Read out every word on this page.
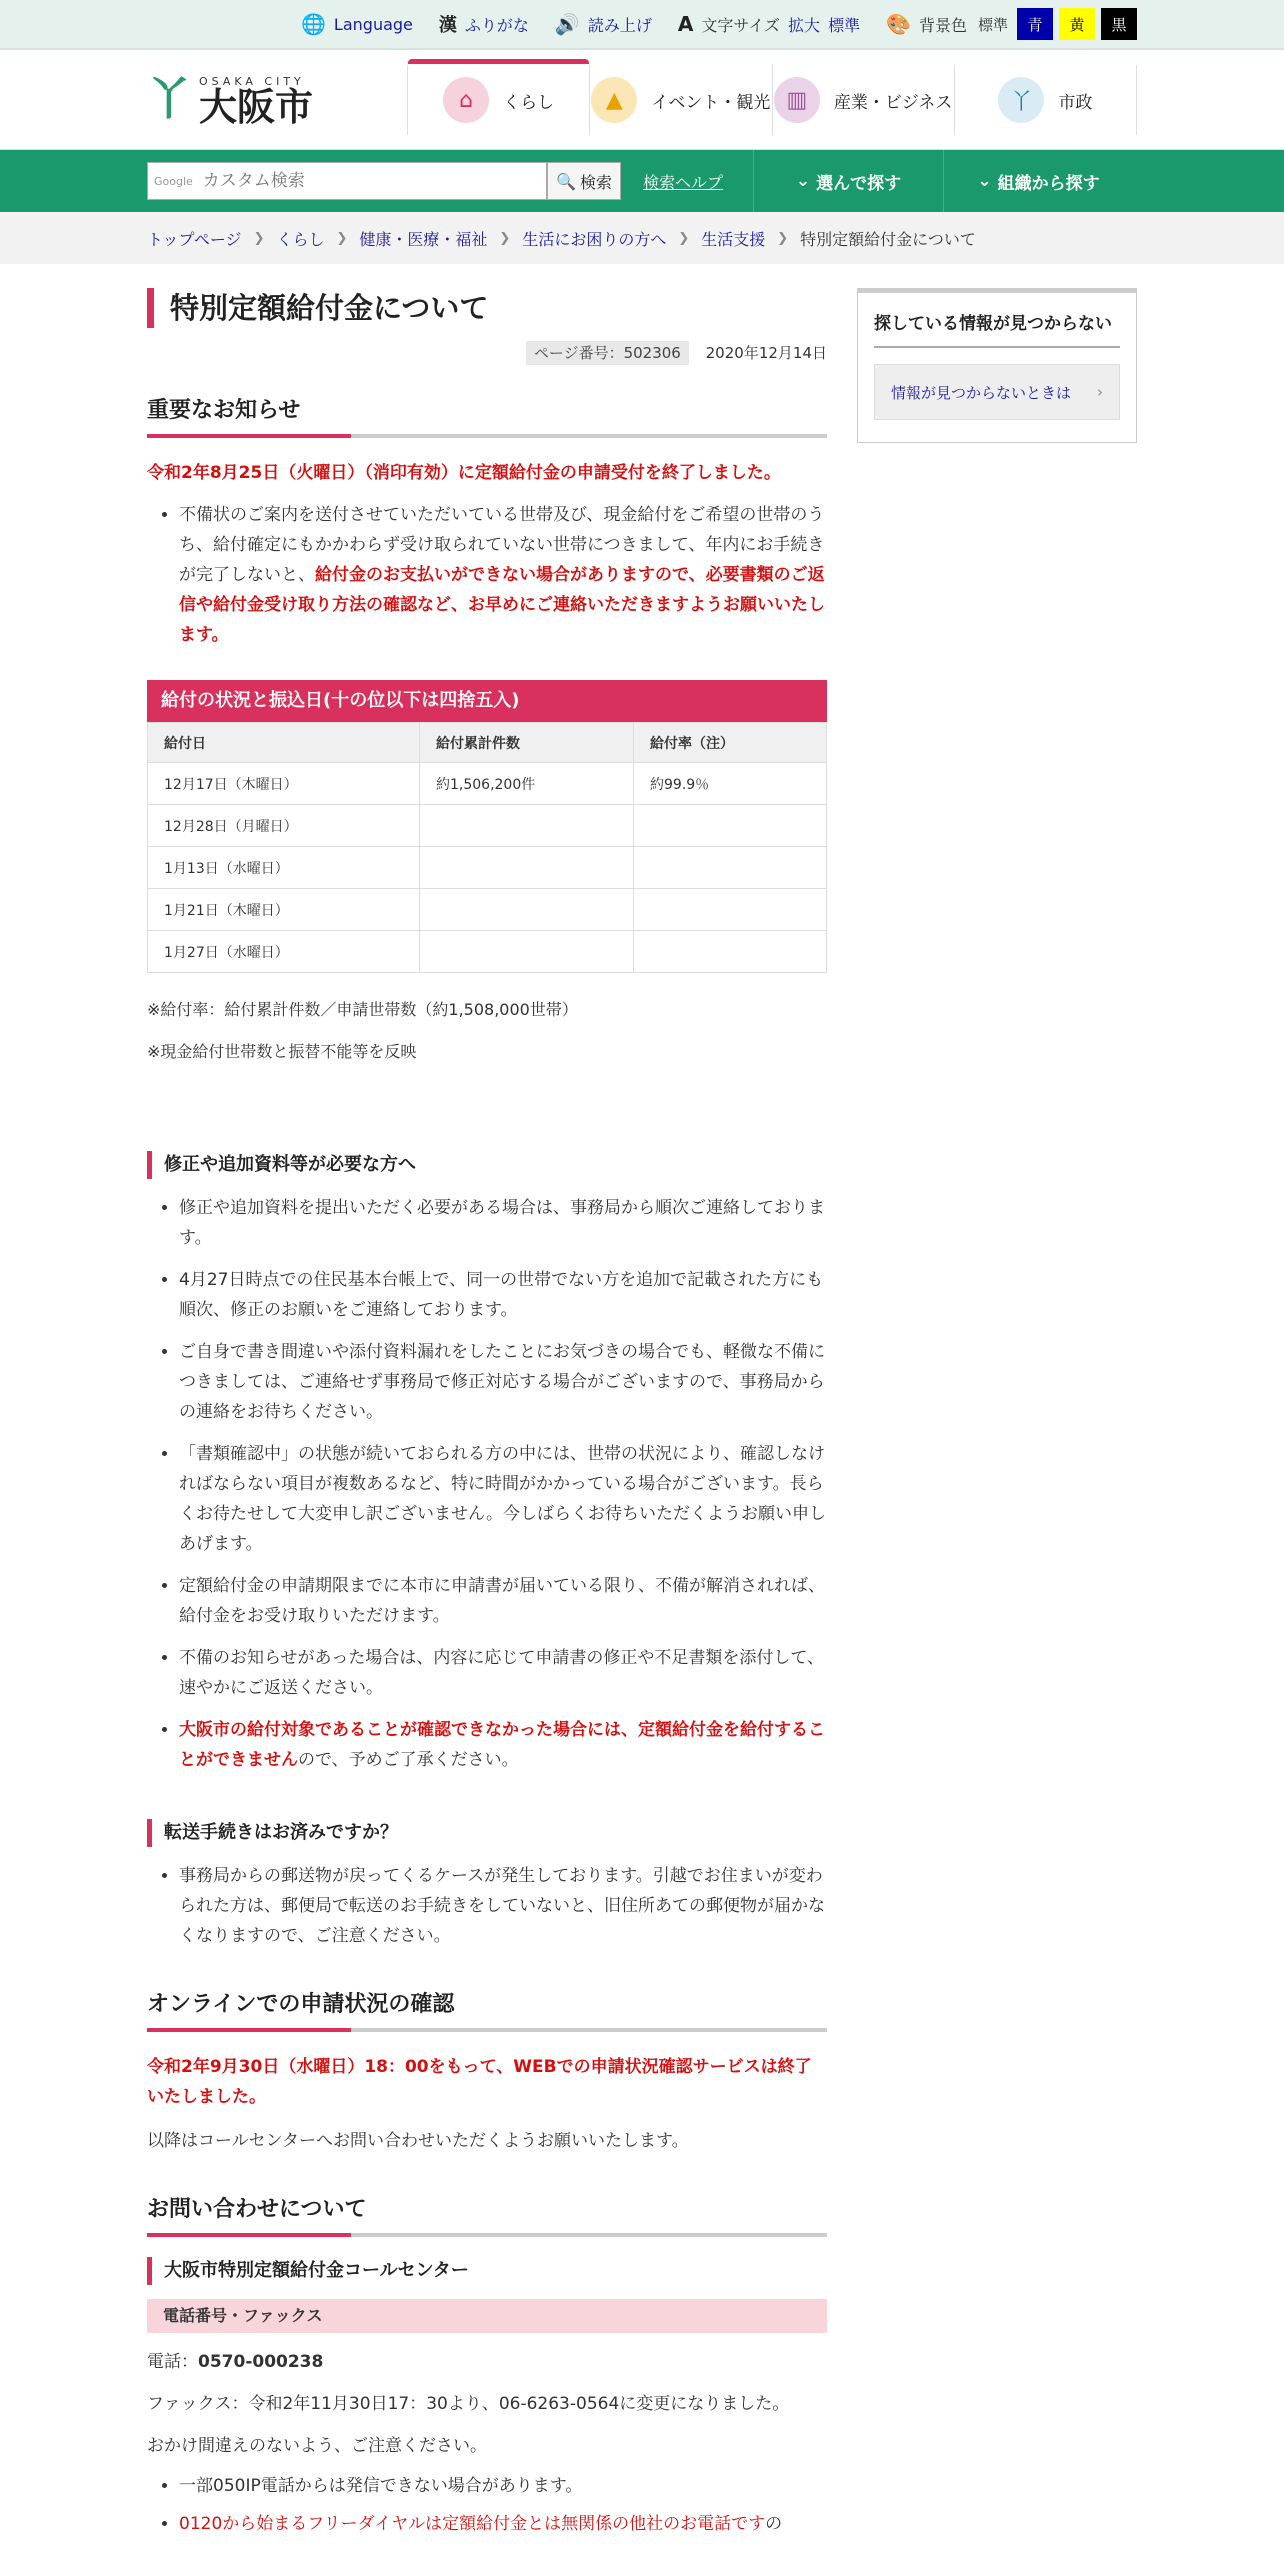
🌐 Language 漢 ふりがな 🔊 読み上げ A 文字サイズ 拡大 標準 🎨 背景色 標準	青	黄	黒
丫 OSAKA CITY
大阪市	⌂	くらし	▲	イベント・観光 ▥	産業・ビジネス	丫	市政
Google
カスタム検索	🔍 検索 検索ヘルプ	⌄ 選んで探す	⌄ 組織から探す
トップページ ❯ くらし ❯ 健康・医療・福祉 ❯ 生活にお困りの方へ ❯ 生活支援 ❯ 特別定額給付金について
特別定額給付金について
ページ番号：502306 2020年12月14日
重要なお知らせ

令和2年8月25日（火曜日）（消印有効）に定額給付金の申請受付を終了しました。

• 不備状のご案内を送付させていただいている世帯及び、現金給付をご希望の世帯のうち、給付確定にもかかわらず受け取られていない世帯につきまして、年内にお手続きが完了しないと、給付金のお支払いができない場合がありますので、必要書類のご返信や給付金受け取り方法の確認など、お早めにご連絡いただきますようお願いいたします。
給付の状況と振込日(十の位以下は四捨五入)
給付日	給付累計件数	給付率（注）
12月17日（木曜日）	約1,506,200件	約99.9％
12月28日（月曜日）		
1月13日（水曜日）		
1月21日（木曜日）		
1月27日（水曜日）		

※給付率：給付累計件数／申請世帯数（約1,508,000世帯）

※現金給付世帯数と振替不能等を反映

修正や追加資料等が必要な方へ
• 修正や追加資料を提出いただく必要がある場合は、事務局から順次ご連絡しております。
• 4月27日時点での住民基本台帳上で、同一の世帯でない方を追加で記載された方にも順次、修正のお願いをご連絡しております。
• ご自身で書き間違いや添付資料漏れをしたことにお気づきの場合でも、軽微な不備につきましては、ご連絡せず事務局で修正対応する場合がございますので、事務局からの連絡をお待ちください。
• 「書類確認中」の状態が続いておられる方の中には、世帯の状況により、確認しなければならない項目が複数あるなど、特に時間がかかっている場合がございます。長らくお待たせして大変申し訳ございません。今しばらくお待ちいただくようお願い申しあげます。
• 定額給付金の申請期限までに本市に申請書が届いている限り、不備が解消されれば、給付金をお受け取りいただけます。
• 不備のお知らせがあった場合は、内容に応じて申請書の修正や不足書類を添付して、速やかにご返送ください。
• 大阪市の給付対象であることが確認できなかった場合には、定額給付金を給付することができませんので、予めご了承ください。
転送手続きはお済みですか？
• 事務局からの郵送物が戻ってくるケースが発生しております。引越でお住まいが変わられた方は、郵便局で転送のお手続きをしていないと、旧住所あての郵便物が届かなくなりますので、ご注意ください。
オンラインでの申請状況の確認

令和2年9月30日（水曜日）18：00をもって、WEBでの申請状況確認サービスは終了いたしました。

以降はコールセンターへお問い合わせいただくようお願いいたします。

お問い合わせについて
大阪市特別定額給付金コールセンター
電話番号・ファックス

電話：0570-000238

ファックス：令和2年11月30日17：30より、06-6263-0564に変更になりました。

おかけ間違えのないよう、ご注意ください。

• 一部050IP電話からは発信できない場合があります。
• 0120から始まるフリーダイヤルは定額給付金とは無関係の他社のお電話ですの
探している情報が見つからない
情報が見つからないときは ›
